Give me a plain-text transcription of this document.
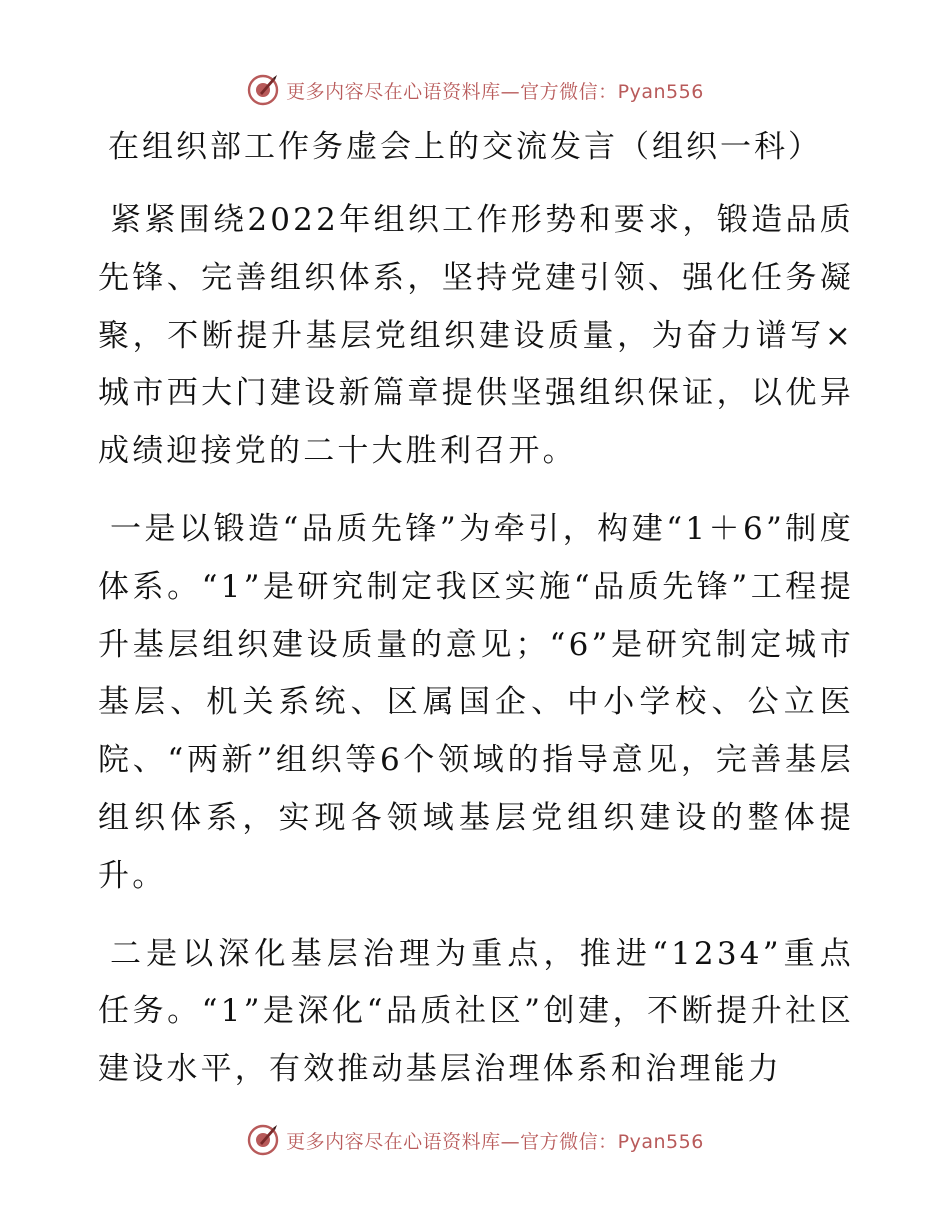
更多内容尽在心语资料库—官方微信：Pyan556
在组织部工作务虚会上的交流发言（组织一科）

紧紧围绕2022年组织工作形势和要求，锻造品质先锋、完善组织体系，坚持党建引领、强化任务凝聚，不断提升基层党组织建设质量，为奋力谱写×城市西大门建设新篇章提供坚强组织保证，以优异成绩迎接党的二十大胜利召开。

一是以锻造“品质先锋”为牵引，构建“1＋6”制度体系。“1”是研究制定我区实施“品质先锋”工程提升基层组织建设质量的意见；“6”是研究制定城市基层、机关系统、区属国企、中小学校、公立医院、“两新”组织等6个领域的指导意见，完善基层组织体系，实现各领域基层党组织建设的整体提升。

二是以深化基层治理为重点，推进“1234”重点任务。“1”是深化“品质社区”创建，不断提升社区建设水平，有效推动基层治理体系和治理能力

更多内容尽在心语资料库—官方微信：Pyan556
